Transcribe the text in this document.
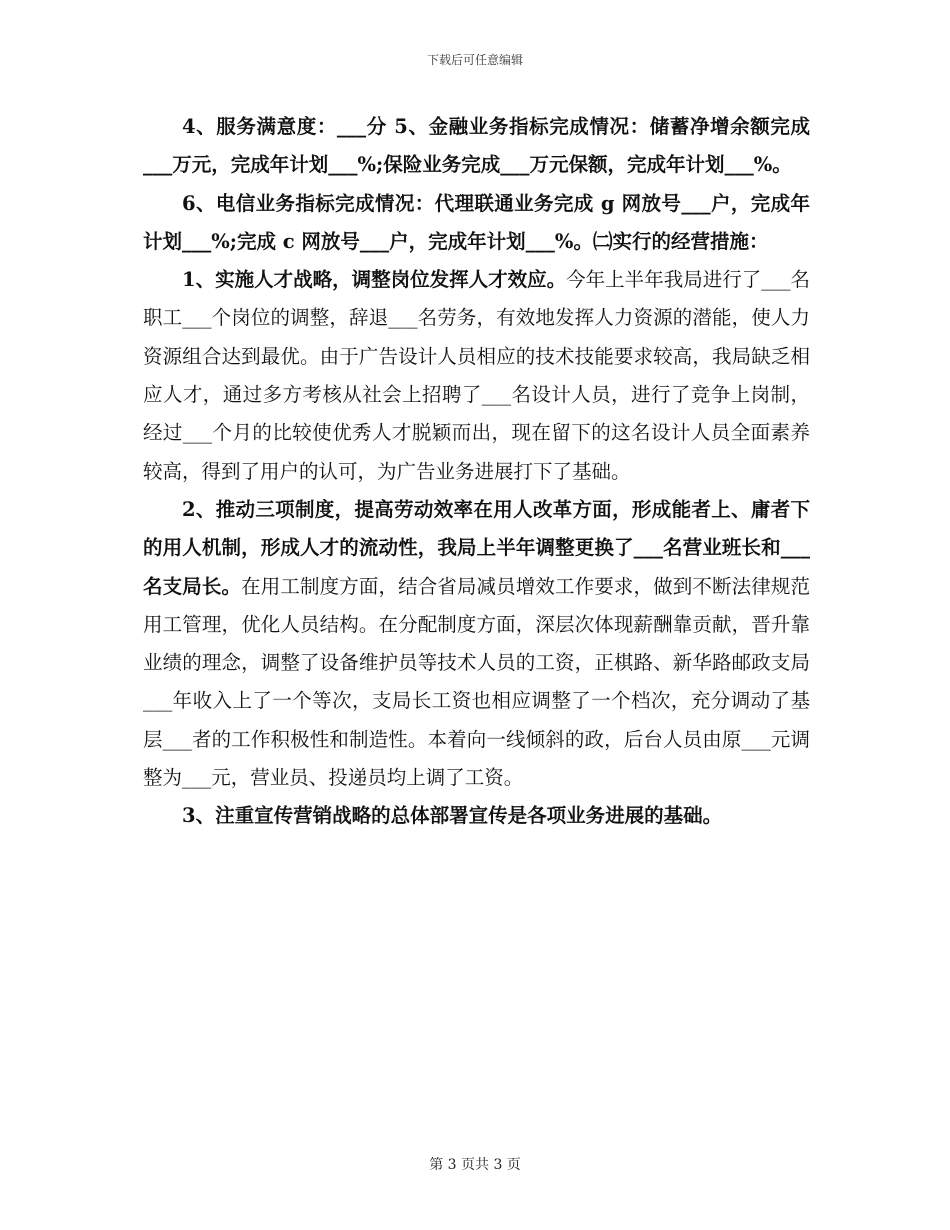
下载后可任意编辑

4、服务满意度：___分 5、金融业务指标完成情况：储蓄净增余额完成___万元，完成年计划___%;保险业务完成___万元保额，完成年计划___%。

6、电信业务指标完成情况：代理联通业务完成 g 网放号___户，完成年计划___%;完成 c 网放号___户，完成年计划___%。㈡实行的经营措施：

1、实施人才战略，调整岗位发挥人才效应。今年上半年我局进行了___名职工___个岗位的调整，辞退___名劳务，有效地发挥人力资源的潜能，使人力资源组合达到最优。由于广告设计人员相应的技术技能要求较高，我局缺乏相应人才，通过多方考核从社会上招聘了___名设计人员，进行了竞争上岗制，经过___个月的比较使优秀人才脱颖而出，现在留下的这名设计人员全面素养较高，得到了用户的认可，为广告业务进展打下了基础。

2、推动三项制度，提高劳动效率在用人改革方面，形成能者上、庸者下的用人机制，形成人才的流动性，我局上半年调整更换了___名营业班长和___名支局长。在用工制度方面，结合省局减员增效工作要求，做到不断法律规范用工管理，优化人员结构。在分配制度方面，深层次体现薪酬靠贡献，晋升靠业绩的理念，调整了设备维护员等技术人员的工资，正棋路、新华路邮政支局___年收入上了一个等次，支局长工资也相应调整了一个档次，充分调动了基层___者的工作积极性和制造性。本着向一线倾斜的政，后台人员由原___元调整为___元，营业员、投递员均上调了工资。

3、注重宣传营销战略的总体部署宣传是各项业务进展的基础。

第 3 页共 3 页
